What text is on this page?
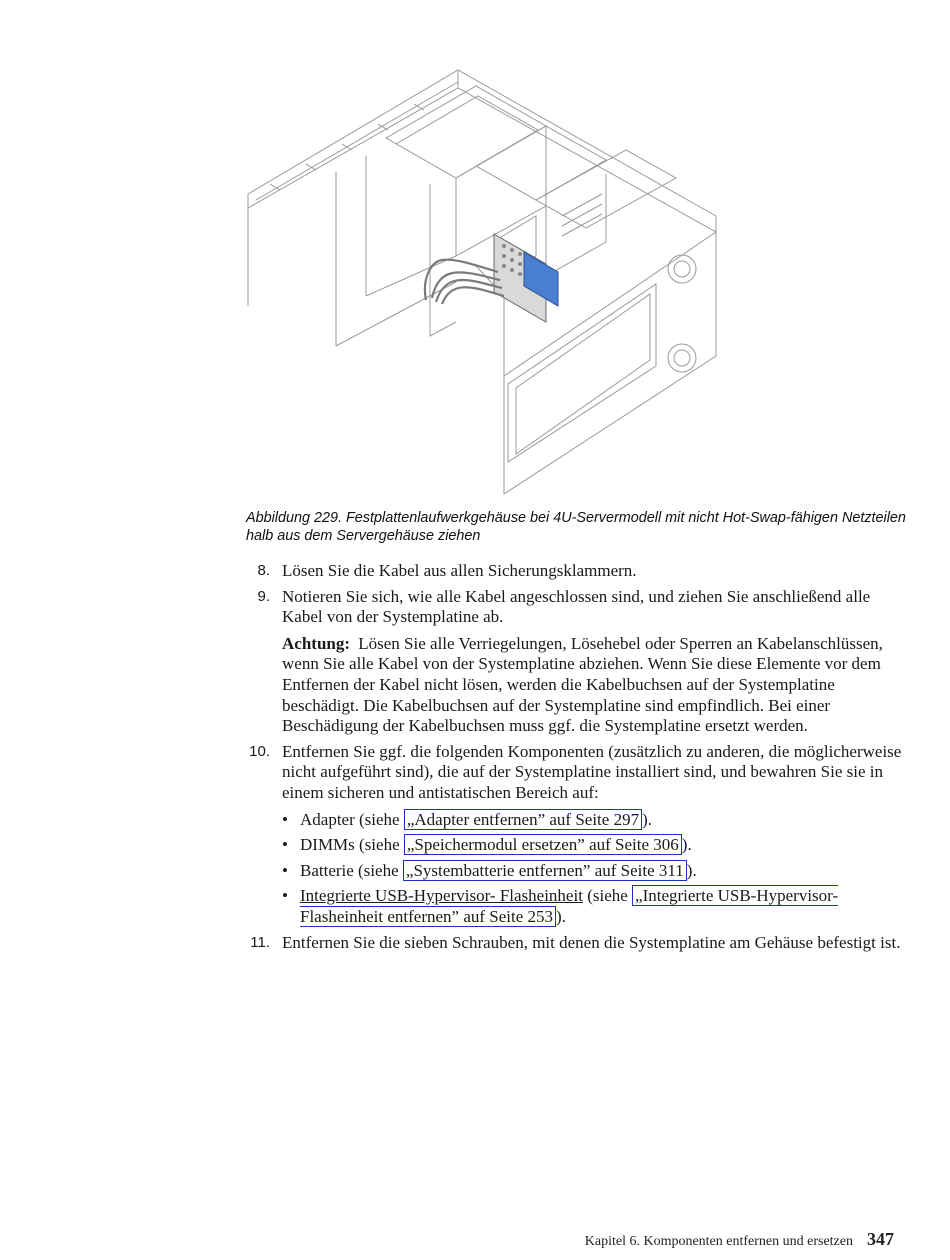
Abbildung 229. Festplattenlaufwerkgehäuse bei 4U-Servermodell mit nicht Hot-Swap-fähigen Netzteilen halb aus dem Servergehäuse ziehen
8. Lösen Sie die Kabel aus allen Sicherungsklammern.
9. Notieren Sie sich, wie alle Kabel angeschlossen sind, und ziehen Sie anschließend alle Kabel von der Systemplatine ab.
Achtung: Lösen Sie alle Verriegelungen, Lösehebel oder Sperren an Kabelanschlüssen, wenn Sie alle Kabel von der Systemplatine abziehen. Wenn Sie diese Elemente vor dem Entfernen der Kabel nicht lösen, werden die Kabelbuchsen auf der Systemplatine beschädigt. Die Kabelbuchsen auf der Systemplatine sind empfindlich. Bei einer Beschädigung der Kabelbuchsen muss ggf. die Systemplatine ersetzt werden.
10. Entfernen Sie ggf. die folgenden Komponenten (zusätzlich zu anderen, die möglicherweise nicht aufgeführt sind), die auf der Systemplatine installiert sind, und bewahren Sie sie in einem sicheren und antistatischen Bereich auf:
• Adapter (siehe „Adapter entfernen” auf Seite 297 ).
• DIMMs (siehe „Speichermodul ersetzen” auf Seite 306 ).
• Batterie (siehe „Systembatterie entfernen” auf Seite 311 ).
• Integrierte USB-Hypervisor- Flasheinheit (siehe „Integrierte USB-Hypervisor-Flasheinheit entfernen” auf Seite 253 ).
11. Entfernen Sie die sieben Schrauben, mit denen die Systemplatine am Gehäuse befestigt ist.
Kapitel 6. Komponenten entfernen und ersetzen 347
